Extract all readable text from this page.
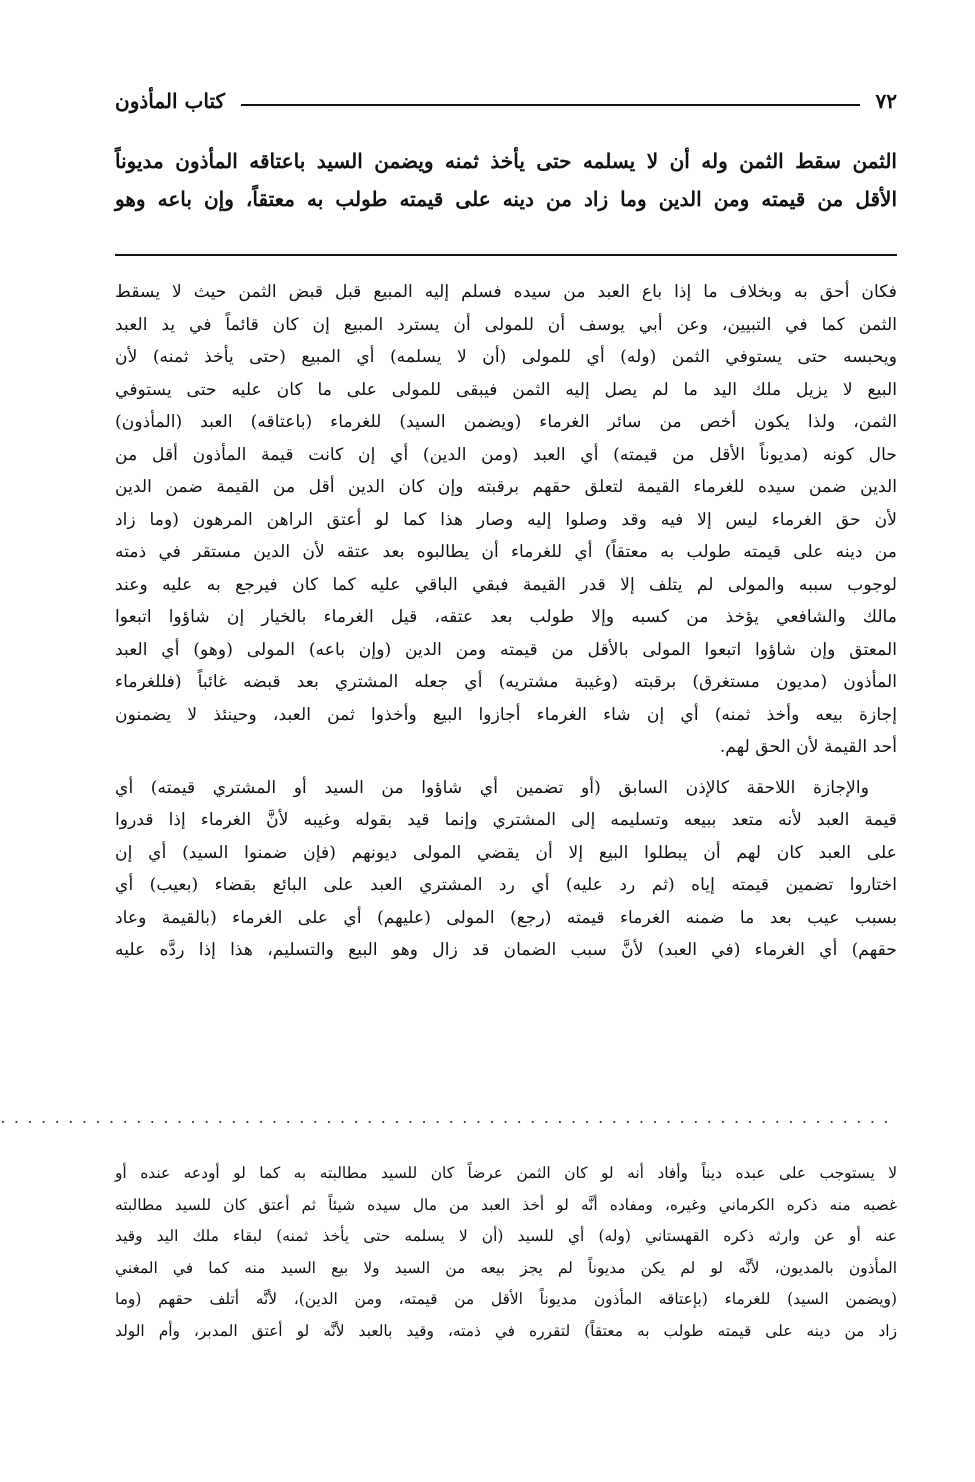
٧٢
كتاب المأذون
الثمن سقط الثمن وله أن لا يسلمه حتى يأخذ ثمنه ويضمن السيد باعتاقه المأذون مديوناً
الأقل من قيمته ومن الدين وما زاد من دينه على قيمته طولب به معتقاً، وإن باعه وهو
فكان أحق به وبخلاف ما إذا باع العبد من سيده فسلم إليه المبيع قبل قبض الثمن حيث لا يسقط
الثمن كما في التبيين، وعن أبي يوسف أن للمولى أن يسترد المبيع إن كان قائماً في يد العبد
ويحبسه حتى يستوفي الثمن (وله) أي للمولى (أن لا يسلمه) أي المبيع (حتى يأخذ ثمنه) لأن
البيع لا يزيل ملك اليد ما لم يصل إليه الثمن فيبقى للمولى على ما كان عليه حتى يستوفي
الثمن، ولذا يكون أخص من سائر الغرماء (ويضمن السيد) للغرماء (باعتاقه) العبد (المأذون)
حال كونه (مديوناً الأقل من قيمته) أي العبد (ومن الدين) أي إن كانت قيمة المأذون أقل من
الدين ضمن سيده للغرماء القيمة لتعلق حقهم برقبته وإن كان الدين أقل من القيمة ضمن الدين
لأن حق الغرماء ليس إلا فيه وقد وصلوا إليه وصار هذا كما لو أعتق الراهن المرهون (وما زاد
من دينه على قيمته طولب به معتقاً) أي للغرماء أن يطالبوه بعد عتقه لأن الدين مستقر في ذمته
لوجوب سببه والمولى لم يتلف إلا قدر القيمة فبقي الباقي عليه كما كان فيرجع به عليه وعند
مالك والشافعي يؤخذ من كسبه وإلا طولب بعد عتقه، قيل الغرماء بالخيار إن شاؤوا اتبعوا
المعتق وإن شاؤوا اتبعوا المولى بالأقل من قيمته ومن الدين (وإن باعه) المولى (وهو) أي العبد
المأذون (مديون مستغرق) برقبته (وغيبة مشتريه) أي جعله المشتري بعد قبضه غائباً (فللغرماء
إجازة بيعه وأخذ ثمنه) أي إن شاء الغرماء أجازوا البيع وأخذوا ثمن العبد، وحينئذ لا يضمنون
أحد القيمة لأن الحق لهم.
والإجازة اللاحقة كالإذن السابق (أو تضمين أي شاؤوا من السيد أو المشتري قيمته) أي
قيمة العبد لأنه متعد ببيعه وتسليمه إلى المشتري وإنما قيد بقوله وغيبه لأنَّ الغرماء إذا قدروا
على العبد كان لهم أن يبطلوا البيع إلا أن يقضي المولى ديونهم (فإن ضمنوا السيد) أي إن
اختاروا تضمين قيمته إياه (ثم رد عليه) أي رد المشتري العبد على البائع بقضاء (بعيب) أي
بسبب عيب بعد ما ضمنه الغرماء قيمته (رجع) المولى (عليهم) أي على الغرماء (بالقيمة وعاد
حقهم) أي الغرماء (في العبد) لأنَّ سبب الضمان قد زال وهو البيع والتسليم، هذا إذا ردَّه عليه
..................................................................
لا يستوجب على عبده ديناً وأفاد أنه لو كان الثمن عرضاً كان للسيد مطالبته به كما لو أودعه عنده أو
غصبه منه ذكره الكرماني وغيره، ومفاده أنَّه لو أخذ العبد من مال سيده شيئاً ثم أعتق كان للسيد مطالبته
عنه أو عن وارثه ذكره القهستاني (وله) أي للسيد (أن لا يسلمه حتى يأخذ ثمنه) لبقاء ملك اليد وقيد
المأذون بالمديون، لأنَّه لو لم يكن مديوناً لم يجز بيعه من السيد ولا بيع السيد منه كما في المغني
(ويضمن السيد) للغرماء (بإعتاقه المأذون مديوناً الأقل من قيمته، ومن الدين)، لأنَّه أتلف حقهم (وما
زاد من دينه على قيمته طولب به معتقاً) لتقرره في ذمته، وقيد بالعبد لأنَّه لو أعتق المدبر، وأم الولد
